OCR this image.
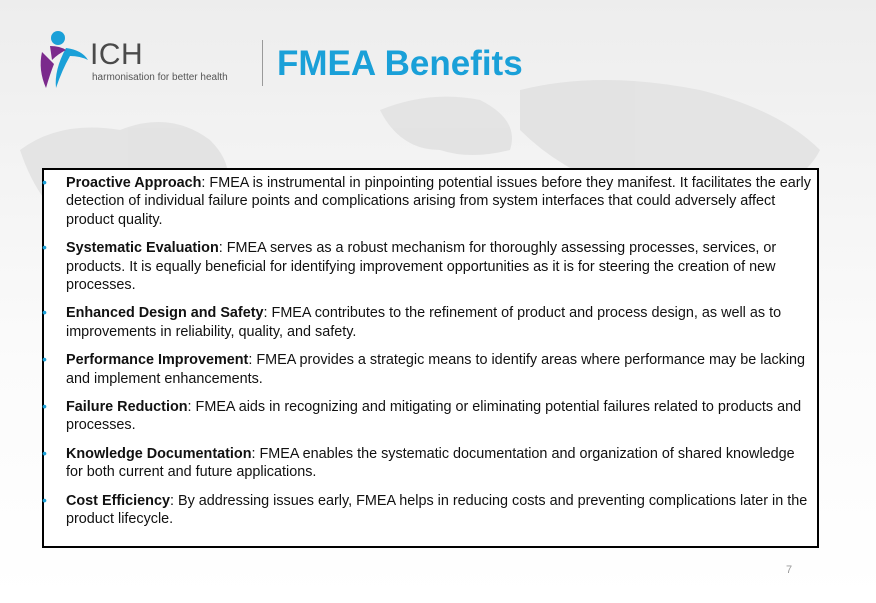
ICH
harmonisation for better health FMEA Benefits
• Proactive Approach: FMEA is instrumental in pinpointing potential issues before they manifest. It facilitates the early detection of individual failure points and complications arising from system interfaces that could adversely affect product quality.
• Systematic Evaluation: FMEA serves as a robust mechanism for thoroughly assessing processes, services, or products. It is equally beneficial for identifying improvement opportunities as it is for steering the creation of new processes.
• Enhanced Design and Safety: FMEA contributes to the refinement of product and process design, as well as to improvements in reliability, quality, and safety.
• Performance Improvement: FMEA provides a strategic means to identify areas where performance may be lacking and implement enhancements.
• Failure Reduction: FMEA aids in recognizing and mitigating or eliminating potential failures related to products and processes.
• Knowledge Documentation: FMEA enables the systematic documentation and organization of shared knowledge for both current and future applications.
• Cost Efficiency: By addressing issues early, FMEA helps in reducing costs and preventing complications later in the product lifecycle.
7
